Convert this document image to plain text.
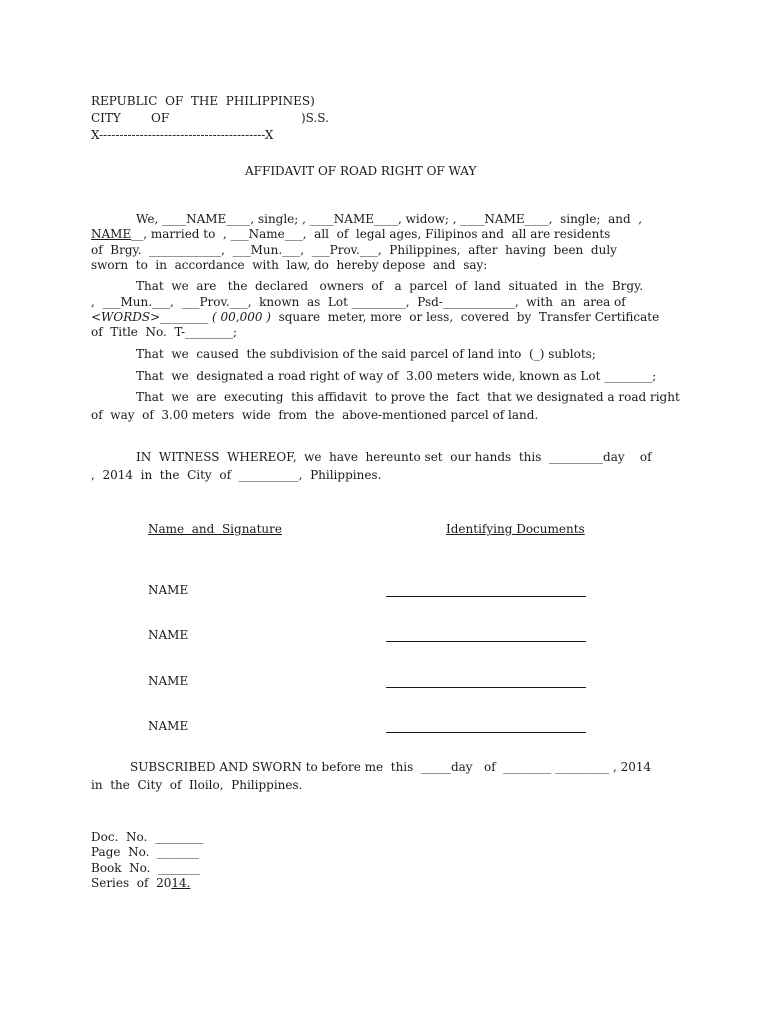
REPUBLIC  OF  THE  PHILIPPINES)
CITY	OF	)S.S.
X-----------------------------------------X
AFFIDAVIT OF ROAD RIGHT OF WAY
We, ____NAME____, single; , ____NAME____, widow; , ____NAME____,  single;  and  ,
NAME__, married to  , ___Name___,  all  of  legal ages, Filipinos and  all are residents
of  Brgy.  ____________,  ___Mun.___,  ___Prov.___,  Philippines,  after  having  been  duly
sworn  to  in  accordance  with  law, do  hereby depose  and  say:
That  we  are   the  declared   owners  of   a  parcel  of  land  situated  in  the  Brgy.
,  ___Mun.___,  ___Prov.___,  known  as  Lot _________,  Psd-____________,  with  an  area of
<WORDS>________ ( 00,000 )  square  meter, more  or less,  covered  by  Transfer Certificate
of  Title  No.  T-________;
That  we  caused  the subdivision of the said parcel of land into  (_) sublots;
That  we  designated a road right of way of  3.00 meters wide, known as Lot ________;
That  we  are  executing  this affidavit  to prove the  fact  that we designated a road right
of  way  of  3.00 meters  wide  from  the  above-mentioned parcel of land.
IN  WITNESS  WHEREOF,  we  have  hereunto set  our hands  this _________day    of
,  2014  in  the  City  of  __________,  Philippines.
Name  and  Signature	Identifying Documents
NAME
NAME
NAME
NAME
SUBSCRIBED AND SWORN to before me  this  _____day   of  ________ _________ , 2014
in  the  City  of  Iloilo,  Philippines.
Doc.  No.  ________
Page  No.  _______
Book  No.  _______
Series  of  2014.
